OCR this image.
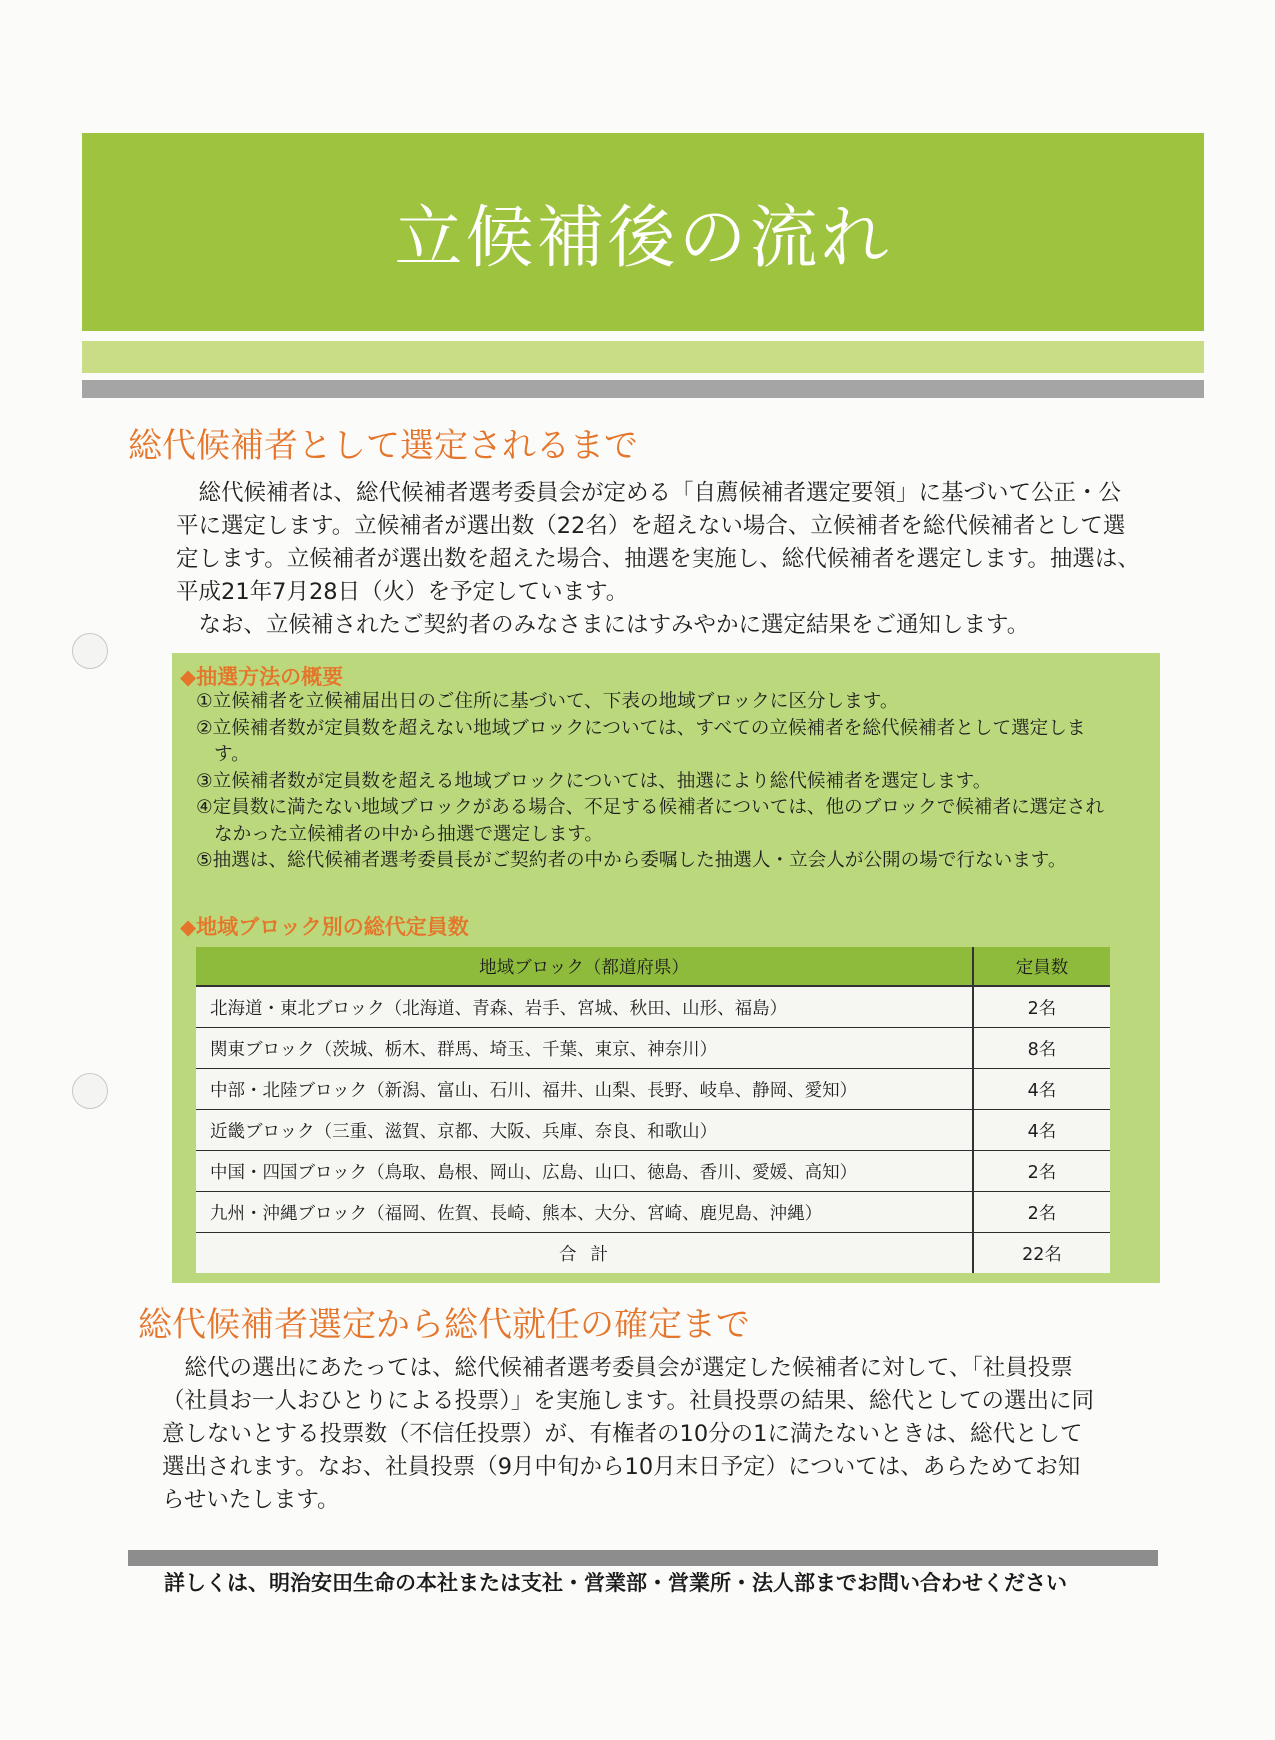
立候補後の流れ
総代候補者として選定されるまで

総代候補者は、総代候補者選考委員会が定める「自薦候補者選定要領」に基づいて公正・公平に選定します。立候補者が選出数（22名）を超えない場合、立候補者を総代候補者として選定します。立候補者が選出数を超えた場合、抽選を実施し、総代候補者を選定します。抽選は、平成21年7月28日（火）を予定しています。

なお、立候補されたご契約者のみなさまにはすみやかに選定結果をご通知します。

◆抽選方法の概要
①立候補者を立候補届出日のご住所に基づいて、下表の地域ブロックに区分します。
②立候補者数が定員数を超えない地域ブロックについては、すべての立候補者を総代候補者として選定します。
③立候補者数が定員数を超える地域ブロックについては、抽選により総代候補者を選定します。
④定員数に満たない地域ブロックがある場合、不足する候補者については、他のブロックで候補者に選定されなかった立候補者の中から抽選で選定します。
⑤抽選は、総代候補者選考委員長がご契約者の中から委嘱した抽選人・立会人が公開の場で行ないます。
◆地域ブロック別の総代定員数
地域ブロック（都道府県）	定員数
北海道・東北ブロック（北海道、青森、岩手、宮城、秋田、山形、福島）	2名
関東ブロック（茨城、栃木、群馬、埼玉、千葉、東京、神奈川）	8名
中部・北陸ブロック（新潟、富山、石川、福井、山梨、長野、岐阜、静岡、愛知）	4名
近畿ブロック（三重、滋賀、京都、大阪、兵庫、奈良、和歌山）	4名
中国・四国ブロック（鳥取、島根、岡山、広島、山口、徳島、香川、愛媛、高知）	2名
九州・沖縄ブロック（福岡、佐賀、長崎、熊本、大分、宮崎、鹿児島、沖縄）	2名
合計	22名
総代候補者選定から総代就任の確定まで

総代の選出にあたっては、総代候補者選考委員会が選定した候補者に対して、「社員投票（社員お一人おひとりによる投票）」を実施します。社員投票の結果、総代としての選出に同意しないとする投票数（不信任投票）が、有権者の10分の1に満たないときは、総代として選出されます。なお、社員投票（9月中旬から10月末日予定）については、あらためてお知らせいたします。

詳しくは、明治安田生命の本社または支社・営業部・営業所・法人部までお問い合わせください
